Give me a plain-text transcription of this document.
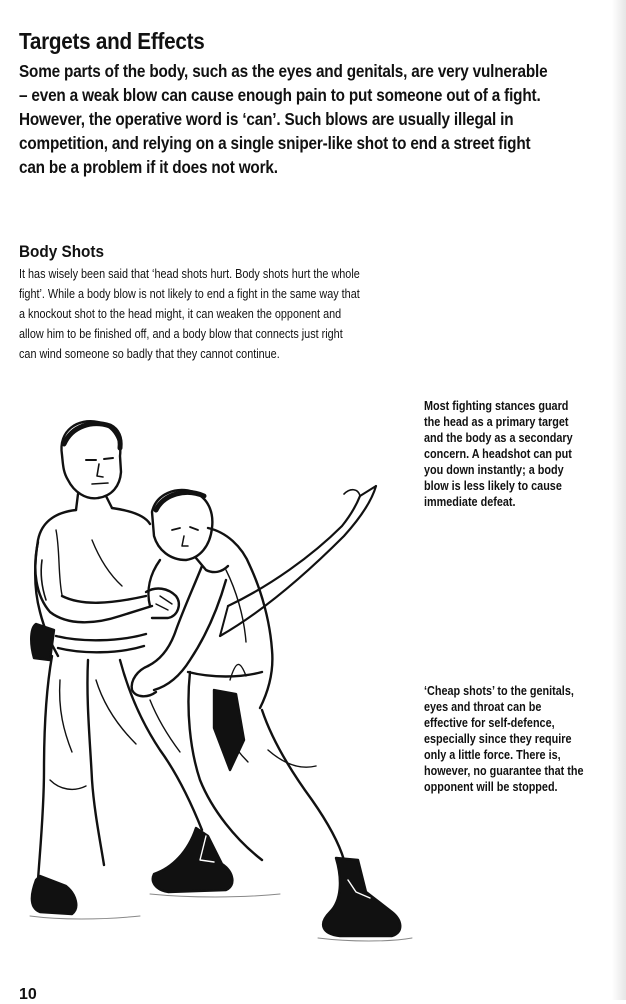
Targets and Effects

Some parts of the body, such as the eyes and genitals, are very vulnerable
– even a weak blow can cause enough pain to put someone out of a fight.
However, the operative word is ‘can’. Such blows are usually illegal in
competition, and relying on a single sniper-like shot to end a street fight
can be a problem if it does not work.

Body Shots

It has wisely been said that ‘head shots hurt. Body shots hurt the whole
fight’. While a body blow is not likely to end a fight in the same way that
a knockout shot to the head might, it can weaken the opponent and
allow him to be finished off, and a body blow that connects just right
can wind someone so badly that they cannot continue.

Most fighting stances guard
the head as a primary target
and the body as a secondary
concern. A headshot can put
you down instantly; a body
blow is less likely to cause
immediate defeat.

‘Cheap shots’ to the genitals,
eyes and throat can be
effective for self-defence,
especially since they require
only a little force. There is,
however, no guarantee that the
opponent will be stopped.

10
